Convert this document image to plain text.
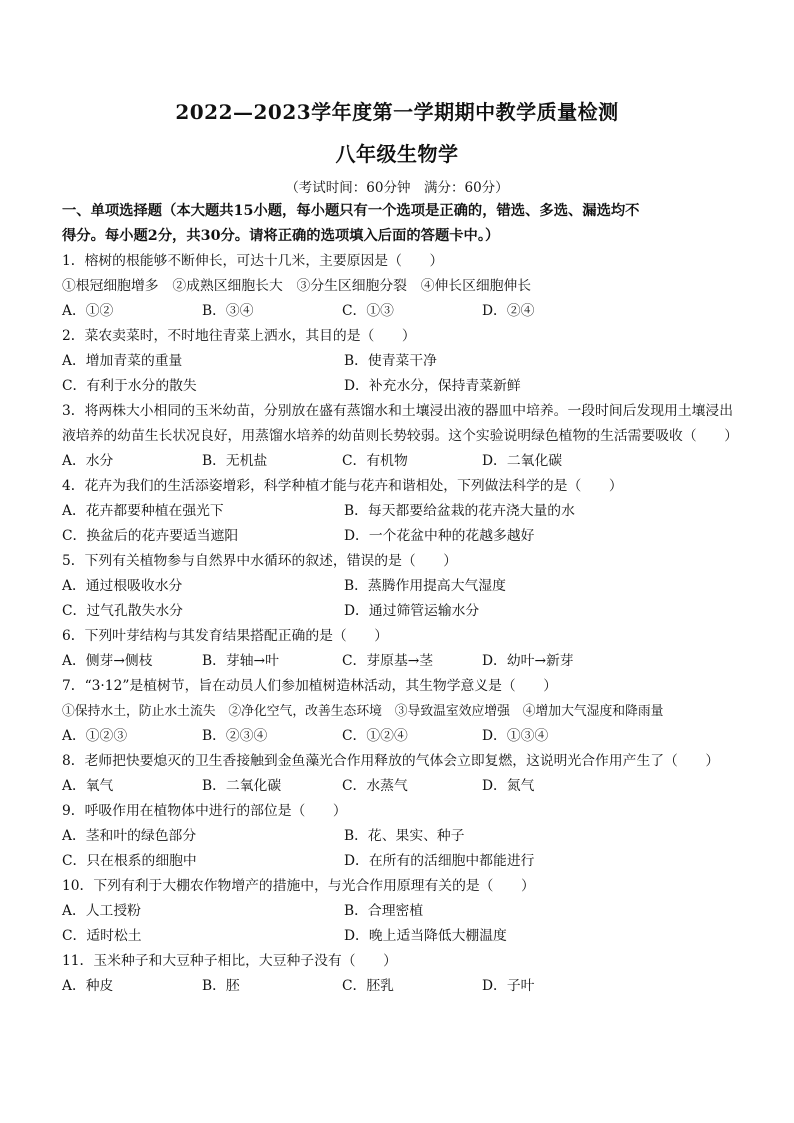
2022—2023学年度第一学期期中教学质量检测
八年级生物学
（考试时间：60分钟　满分：60分）
一、单项选择题（本大题共15小题，每小题只有一个选项是正确的，错选、多选、漏选均不
得分。每小题2分，共30分。请将正确的选项填入后面的答题卡中。）
1．榕树的根能够不断伸长，可达十几米，主要原因是（　　）
①根冠细胞增多　②成熟区细胞长大　③分生区细胞分裂　④伸长区细胞伸长
A．①②	B．③④	C．①③	D．②④
2．菜农卖菜时，不时地往青菜上洒水，其目的是（　　）
A．增加青菜的重量	B．使青菜干净
C．有利于水分的散失	D．补充水分，保持青菜新鲜
3．将两株大小相同的玉米幼苗，分别放在盛有蒸馏水和土壤浸出液的器皿中培养。一段时间后发现用土壤浸出液培养的幼苗生长状况良好，用蒸馏水培养的幼苗则长势较弱。这个实验说明绿色植物的生活需要吸收（　　）
A．水分	B．无机盐	C．有机物	D．二氧化碳
4．花卉为我们的生活添姿增彩，科学种植才能与花卉和谐相处，下列做法科学的是（　　）
A．花卉都要种植在强光下	B．每天都要给盆栽的花卉浇大量的水
C．换盆后的花卉要适当遮阳	D．一个花盆中种的花越多越好
5．下列有关植物参与自然界中水循环的叙述，错误的是（　　）
A．通过根吸收水分	B．蒸腾作用提高大气湿度
C．过气孔散失水分	D．通过筛管运输水分
6．下列叶芽结构与其发育结果搭配正确的是（　　）
A．侧芽→侧枝	B．芽轴→叶	C．芽原基→茎	D．幼叶→新芽
7．“3·12”是植树节，旨在动员人们参加植树造林活动，其生物学意义是（　　）
①保持水土，防止水土流失　②净化空气，改善生态环境　③导致温室效应增强　④增加大气湿度和降雨量
A．①②③	B．②③④	C．①②④	D．①③④
8．老师把快要熄灭的卫生香接触到金鱼藻光合作用释放的气体会立即复燃，这说明光合作用产生了（　　）
A．氧气	B．二氧化碳	C．水蒸气	D．氮气
9．呼吸作用在植物体中进行的部位是（　　）
A．茎和叶的绿色部分	B．花、果实、种子
C．只在根系的细胞中	D．在所有的活细胞中都能进行
10．下列有利于大棚农作物增产的措施中，与光合作用原理有关的是（　　）
A．人工授粉	B．合理密植
C．适时松土	D．晚上适当降低大棚温度
11．玉米种子和大豆种子相比，大豆种子没有（　　）
A．种皮	B．胚	C．胚乳	D．子叶
